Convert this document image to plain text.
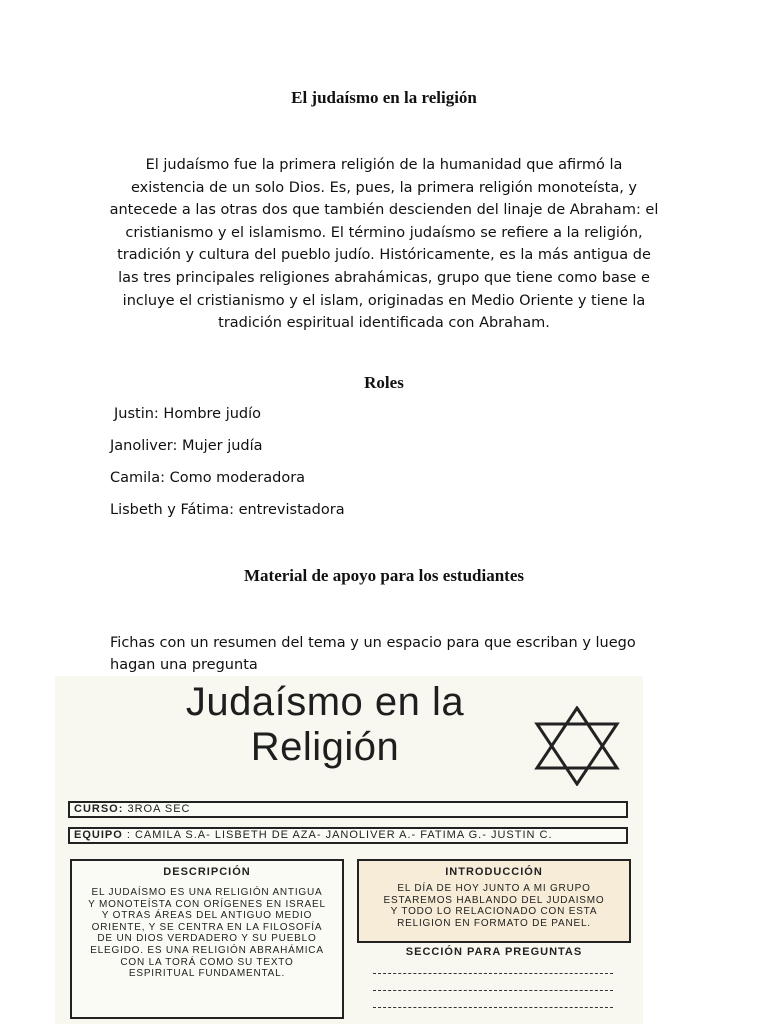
El judaísmo en la religión
El judaísmo fue la primera religión de la humanidad que afirmó la existencia de un solo Dios. Es, pues, la primera religión monoteísta, y antecede a las otras dos que también descienden del linaje de Abraham: el cristianismo y el islamismo. El término judaísmo se refiere a la religión, tradición y cultura del pueblo judío. Históricamente, es la más antigua de las tres principales religiones abrahámicas, grupo que tiene como base e incluye el cristianismo y el islam, originadas en Medio Oriente y tiene la tradición espiritual identificada con Abraham.
Roles
Justin: Hombre judío
Janoliver: Mujer judía
Camila: Como moderadora
Lisbeth y Fátima: entrevistadora
Material de apoyo para los estudiantes
Fichas con un resumen del tema y un espacio para que escriban y luego hagan una pregunta
Judaísmo en la
Religión
CURSO: 3ROA SEC
EQUIPO : CAMILA S.A- LISBETH DE AZA- JANOLIVER A.- FATIMA G.- JUSTIN C.
DESCRIPCIÓN
EL JUDAÍSMO ES UNA RELIGIÓN ANTIGUA Y MONOTEÍSTA CON ORÍGENES EN ISRAEL Y OTRAS ÁREAS DEL ANTIGUO MEDIO ORIENTE, Y SE CENTRA EN LA FILOSOFÍA DE UN DIOS VERDADERO Y SU PUEBLO ELEGIDO. ES UNA RELIGIÓN ABRAHÁMICA CON LA TORÁ COMO SU TEXTO ESPIRITUAL FUNDAMENTAL.
INTRODUCCIÓN
EL DÍA DE HOY JUNTO A MI GRUPO ESTAREMOS HABLANDO DEL JUDAISMO Y TODO LO RELACIONADO CON ESTA RELIGION EN FORMATO DE PANEL.
SECCIÓN PARA PREGUNTAS
